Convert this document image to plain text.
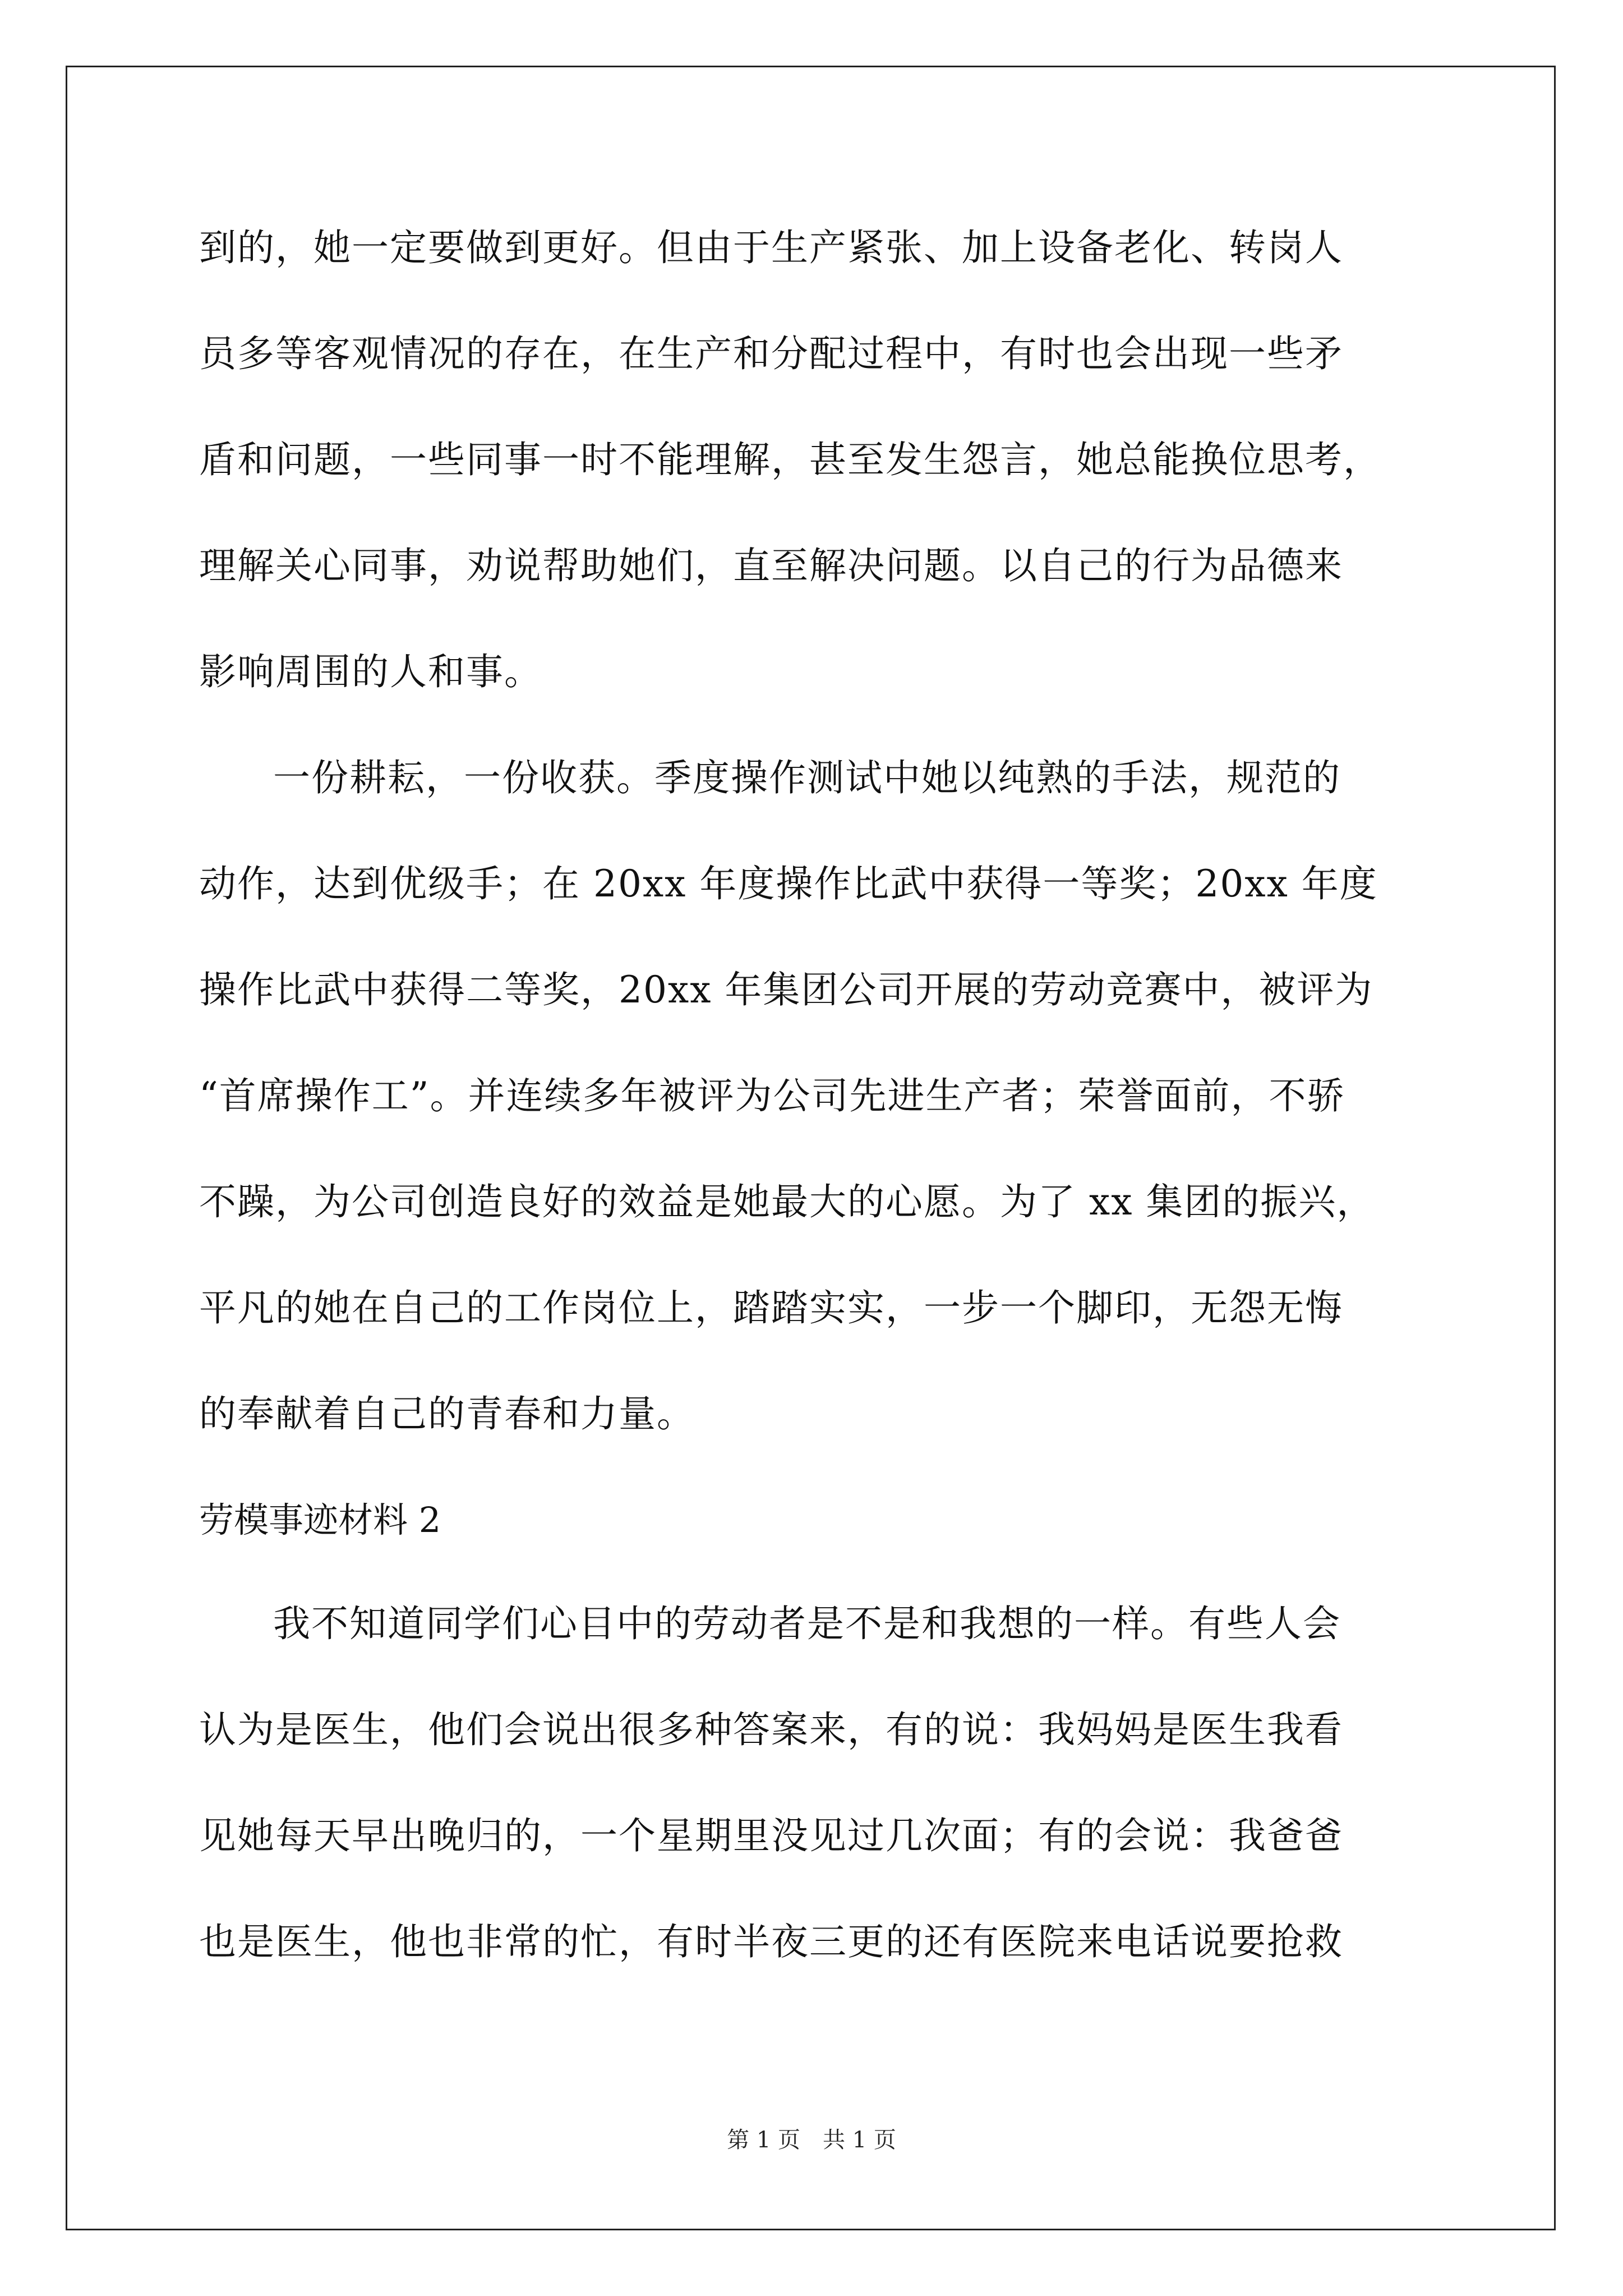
到的，她一定要做到更好。但由于生产紧张、加上设备老化、转岗人
员多等客观情况的存在，在生产和分配过程中，有时也会出现一些矛
盾和问题，一些同事一时不能理解，甚至发生怨言，她总能换位思考，
理解关心同事，劝说帮助她们，直至解决问题。以自己的行为品德来
影响周围的人和事。
一份耕耘，一份收获。季度操作测试中她以纯熟的手法，规范的
动作，达到优级手；在 20xx 年度操作比武中获得一等奖；20xx 年度
操作比武中获得二等奖，20xx 年集团公司开展的劳动竞赛中，被评为
“首席操作工”。并连续多年被评为公司先进生产者；荣誉面前，不骄
不躁，为公司创造良好的效益是她最大的心愿。为了 xx 集团的振兴，
平凡的她在自己的工作岗位上，踏踏实实，一步一个脚印，无怨无悔
的奉献着自己的青春和力量。
劳模事迹材料 2
我不知道同学们心目中的劳动者是不是和我想的一样。有些人会
认为是医生，他们会说出很多种答案来，有的说：我妈妈是医生我看
见她每天早出晚归的，一个星期里没见过几次面；有的会说：我爸爸
也是医生，他也非常的忙，有时半夜三更的还有医院来电话说要抢救
第 1 页　共 1 页
